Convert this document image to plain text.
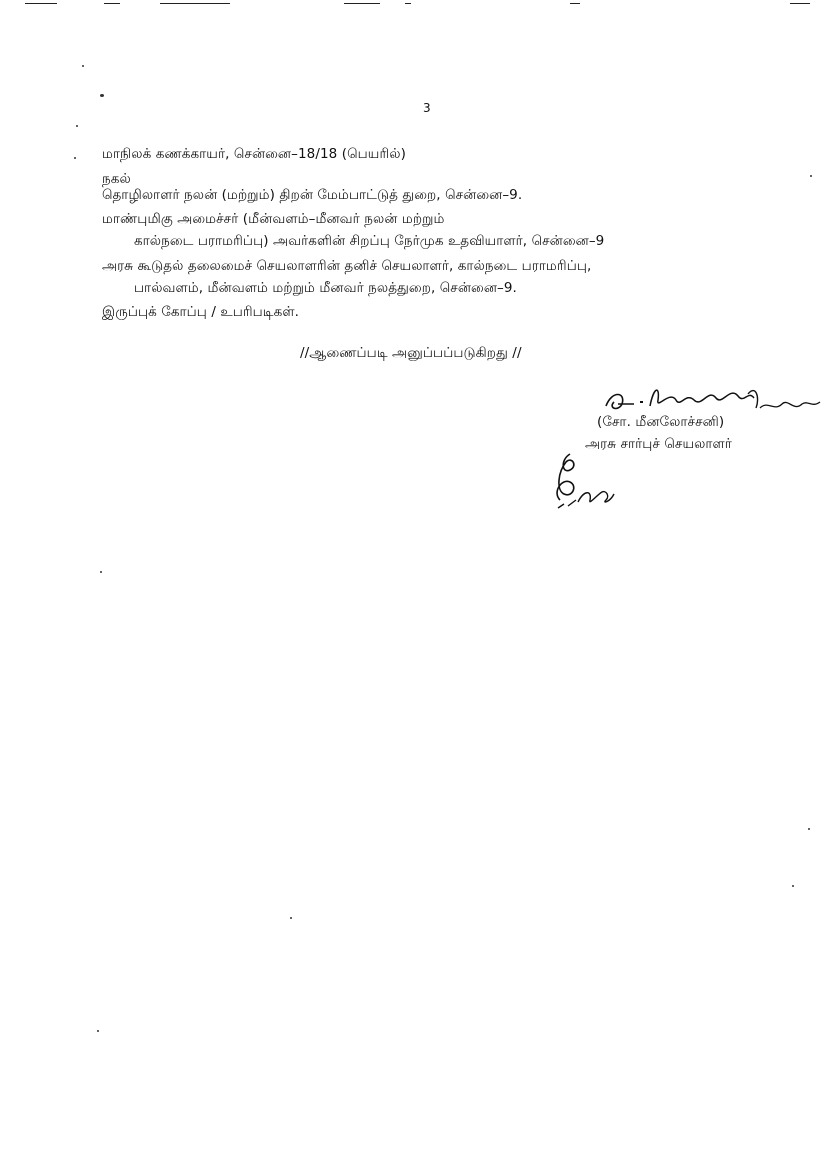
3
மாநிலக் கணக்காயர், சென்னை–18/18 (பெயரில்)
நகல்
தொழிலாளர் நலன் (மற்றும்) திறன் மேம்பாட்டுத் துறை, சென்னை–9.
மாண்புமிகு அமைச்சர் (மீன்வளம்–மீனவர் நலன் மற்றும்
கால்நடை பராமரிப்பு) அவர்களின் சிறப்பு நேர்முக உதவியாளர், சென்னை–9
அரசு கூடுதல் தலைமைச் செயலாளரின் தனிச் செயலாளர், கால்நடை பராமரிப்பு,
பால்வளம், மீன்வளம் மற்றும் மீனவர் நலத்துறை, சென்னை–9.
இருப்புக் கோப்பு / உபரிபடிகள்.
//ஆணைப்படி அனுப்பப்படுகிறது //
(சோ. மீனலோச்சனி)
அரசு சார்புச் செயலாளர்
